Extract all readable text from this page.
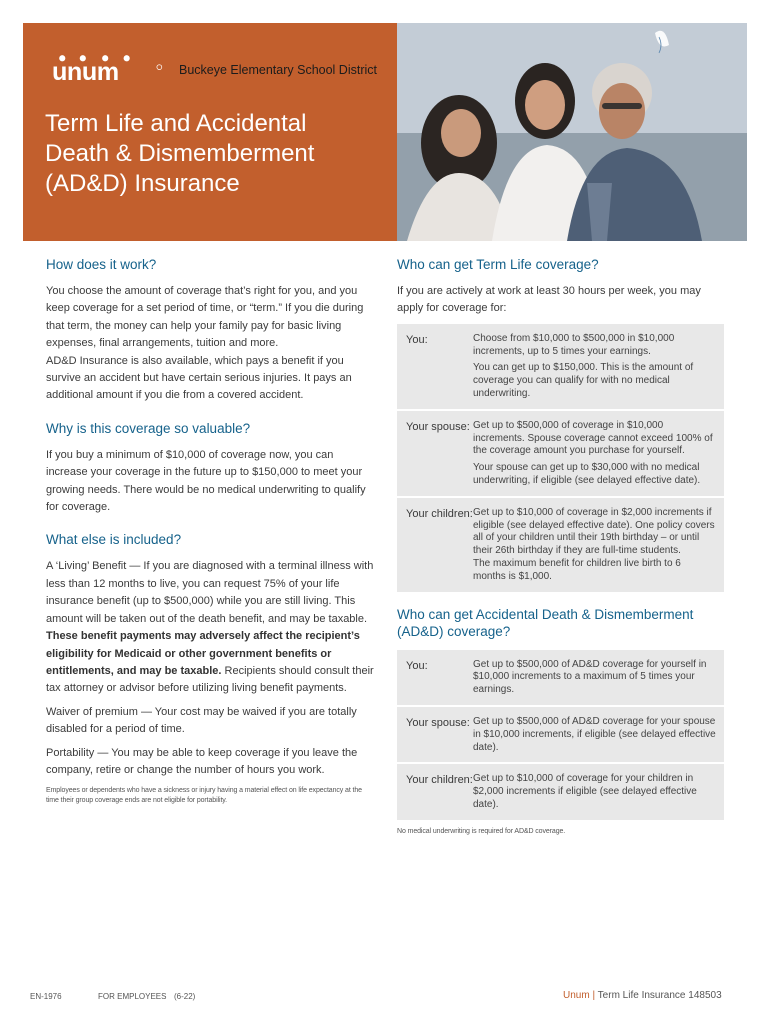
unum	Buckeye Elementary School District
Term Life and Accidental
Death & Dismemberment
(AD&D) Insurance
How does it work?

You choose the amount of coverage that’s right for you, and you keep coverage for a set period of time, or “term.” If you die during that term, the money can help your family pay for basic living expenses, final arrangements, tuition and more.

AD&D Insurance is also available, which pays a benefit if you survive an accident but have certain serious injuries. It pays an additional amount if you die from a covered accident.

Why is this coverage so valuable?

If you buy a minimum of $10,000 of coverage now, you can increase your coverage in the future up to $150,000 to meet your growing needs. There would be no medical underwriting to qualify for coverage.

What else is included?

A ‘Living’ Benefit — If you are diagnosed with a terminal illness with less than 12 months to live, you can request 75% of your life insurance benefit (up to $500,000) while you are still living. This amount will be taken out of the death benefit, and may be taxable. These benefit payments may adversely affect the recipient’s eligibility for Medicaid or other government benefits or entitlements, and may be taxable. Recipients should consult their tax attorney or advisor before utilizing living benefit payments.

Waiver of premium — Your cost may be waived if you are totally disabled for a period of time.

Portability — You may be able to keep coverage if you leave the company, retire or change the number of hours you work.

Employees or dependents who have a sickness or injury having a material effect on life expectancy at the time their group coverage ends are not eligible for portability.
Who can get Term Life coverage?

If you are actively at work at least 30 hours per week, you may apply for coverage for:

You:	Choose from $10,000 to $500,000 in $10,000 increments, up to 5 times your earnings.
You can get up to $150,000. This is the amount of coverage you can qualify for with no medical underwriting.
Your spouse: Get up to $500,000 of coverage in $10,000 increments. Spouse coverage cannot exceed 100% of the coverage amount you purchase for yourself.
Your spouse can get up to $30,000 with no medical underwriting, if eligible (see delayed effective date).
Your children: Get up to $10,000 of coverage in $2,000 increments if eligible (see delayed effective date). One policy covers all of your children until their 19th birthday – or until their 26th birthday if they are full-time students.
The maximum benefit for children live birth to 6 months is $1,000.
Who can get Accidental Death & Dismemberment (AD&D) coverage?
You:	Get up to $500,000 of AD&D coverage for yourself in $10,000 increments to a maximum of 5 times your earnings.
Your spouse: Get up to $500,000 of AD&D coverage for your spouse in $10,000 increments, if eligible (see delayed effective date).
Your children: Get up to $10,000 of coverage for your children in $2,000 increments if eligible (see delayed effective date).
No medical underwriting is required for AD&D coverage.
EN-1976	FOR EMPLOYEES (6-22)	Unum | Term Life Insurance 148503
